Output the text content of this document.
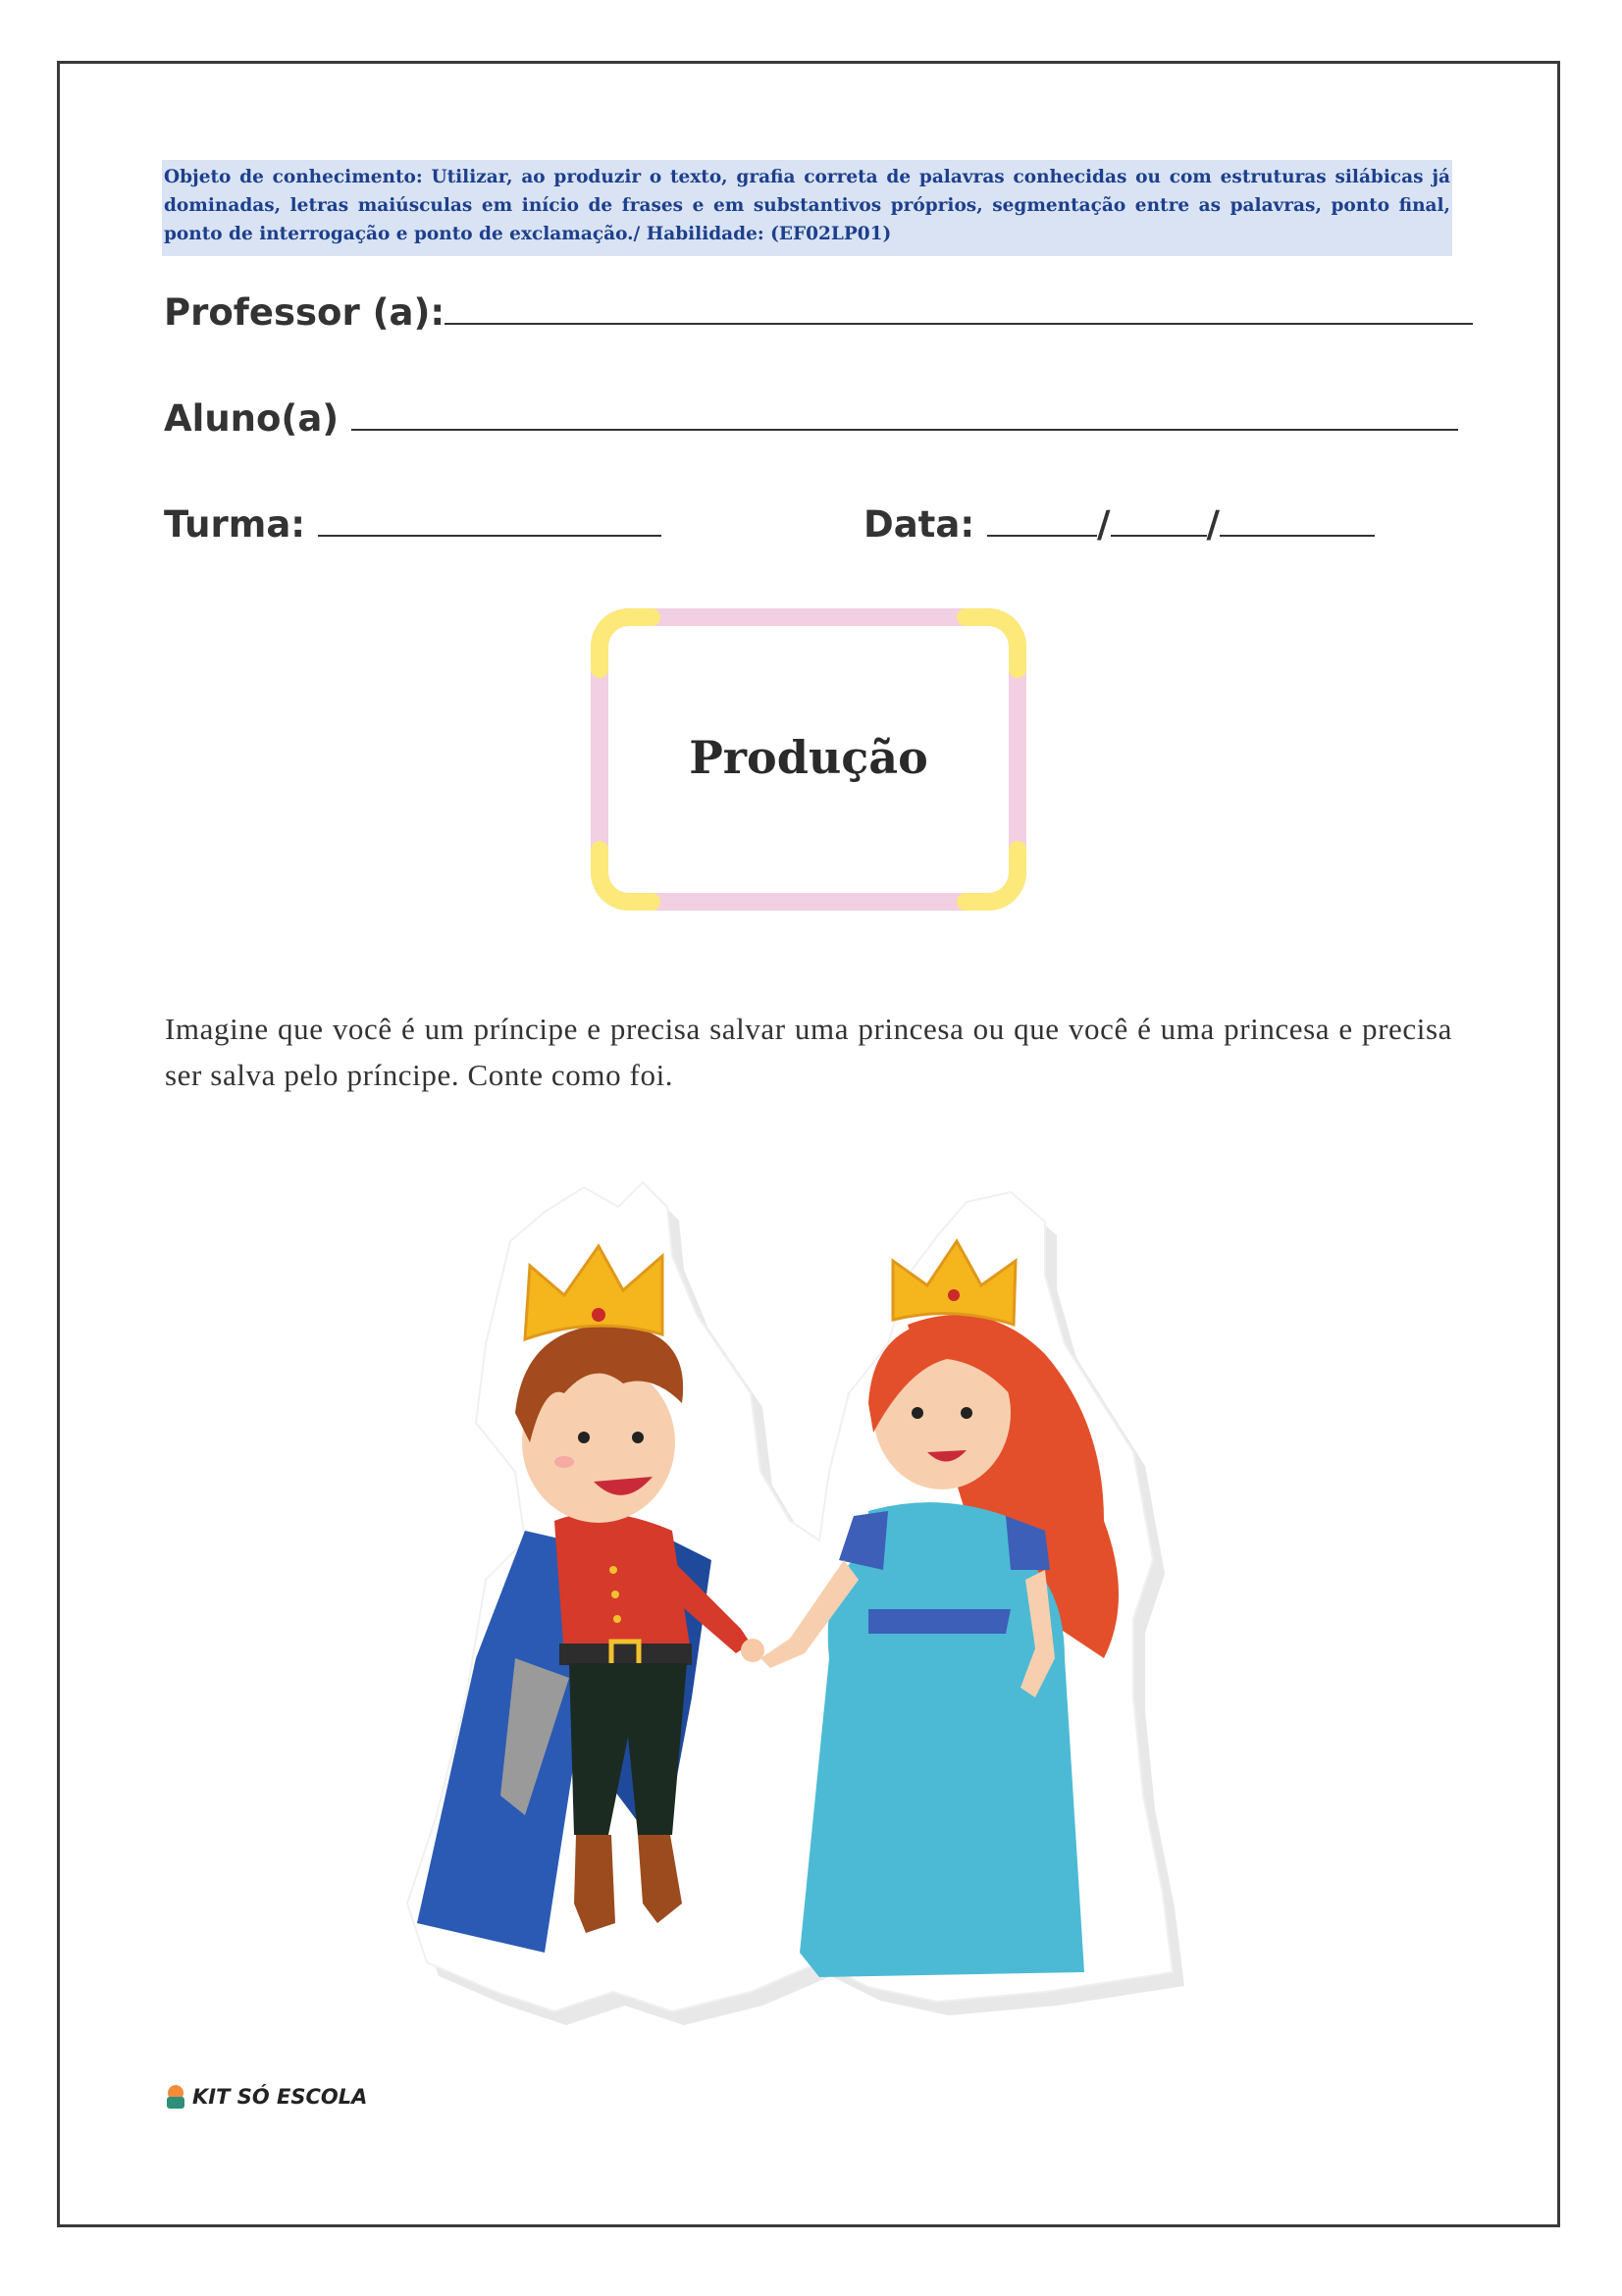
Objeto de conhecimento: Utilizar, ao produzir o texto, grafia correta de palavras conhecidas ou com estruturas silábicas já dominadas, letras maiúsculas em início de frases e em substantivos próprios, segmentação entre as palavras, ponto final, ponto de interrogação e ponto de exclamação./ Habilidade: (EF02LP01)
Professor (a):
Aluno(a)
Turma:	Data:	/	/
Produção
Imagine que você é um príncipe e precisa salvar uma princesa ou que você é uma princesa e precisa ser salva pelo príncipe. Conte como foi.
KIT SÓ ESCOLA
